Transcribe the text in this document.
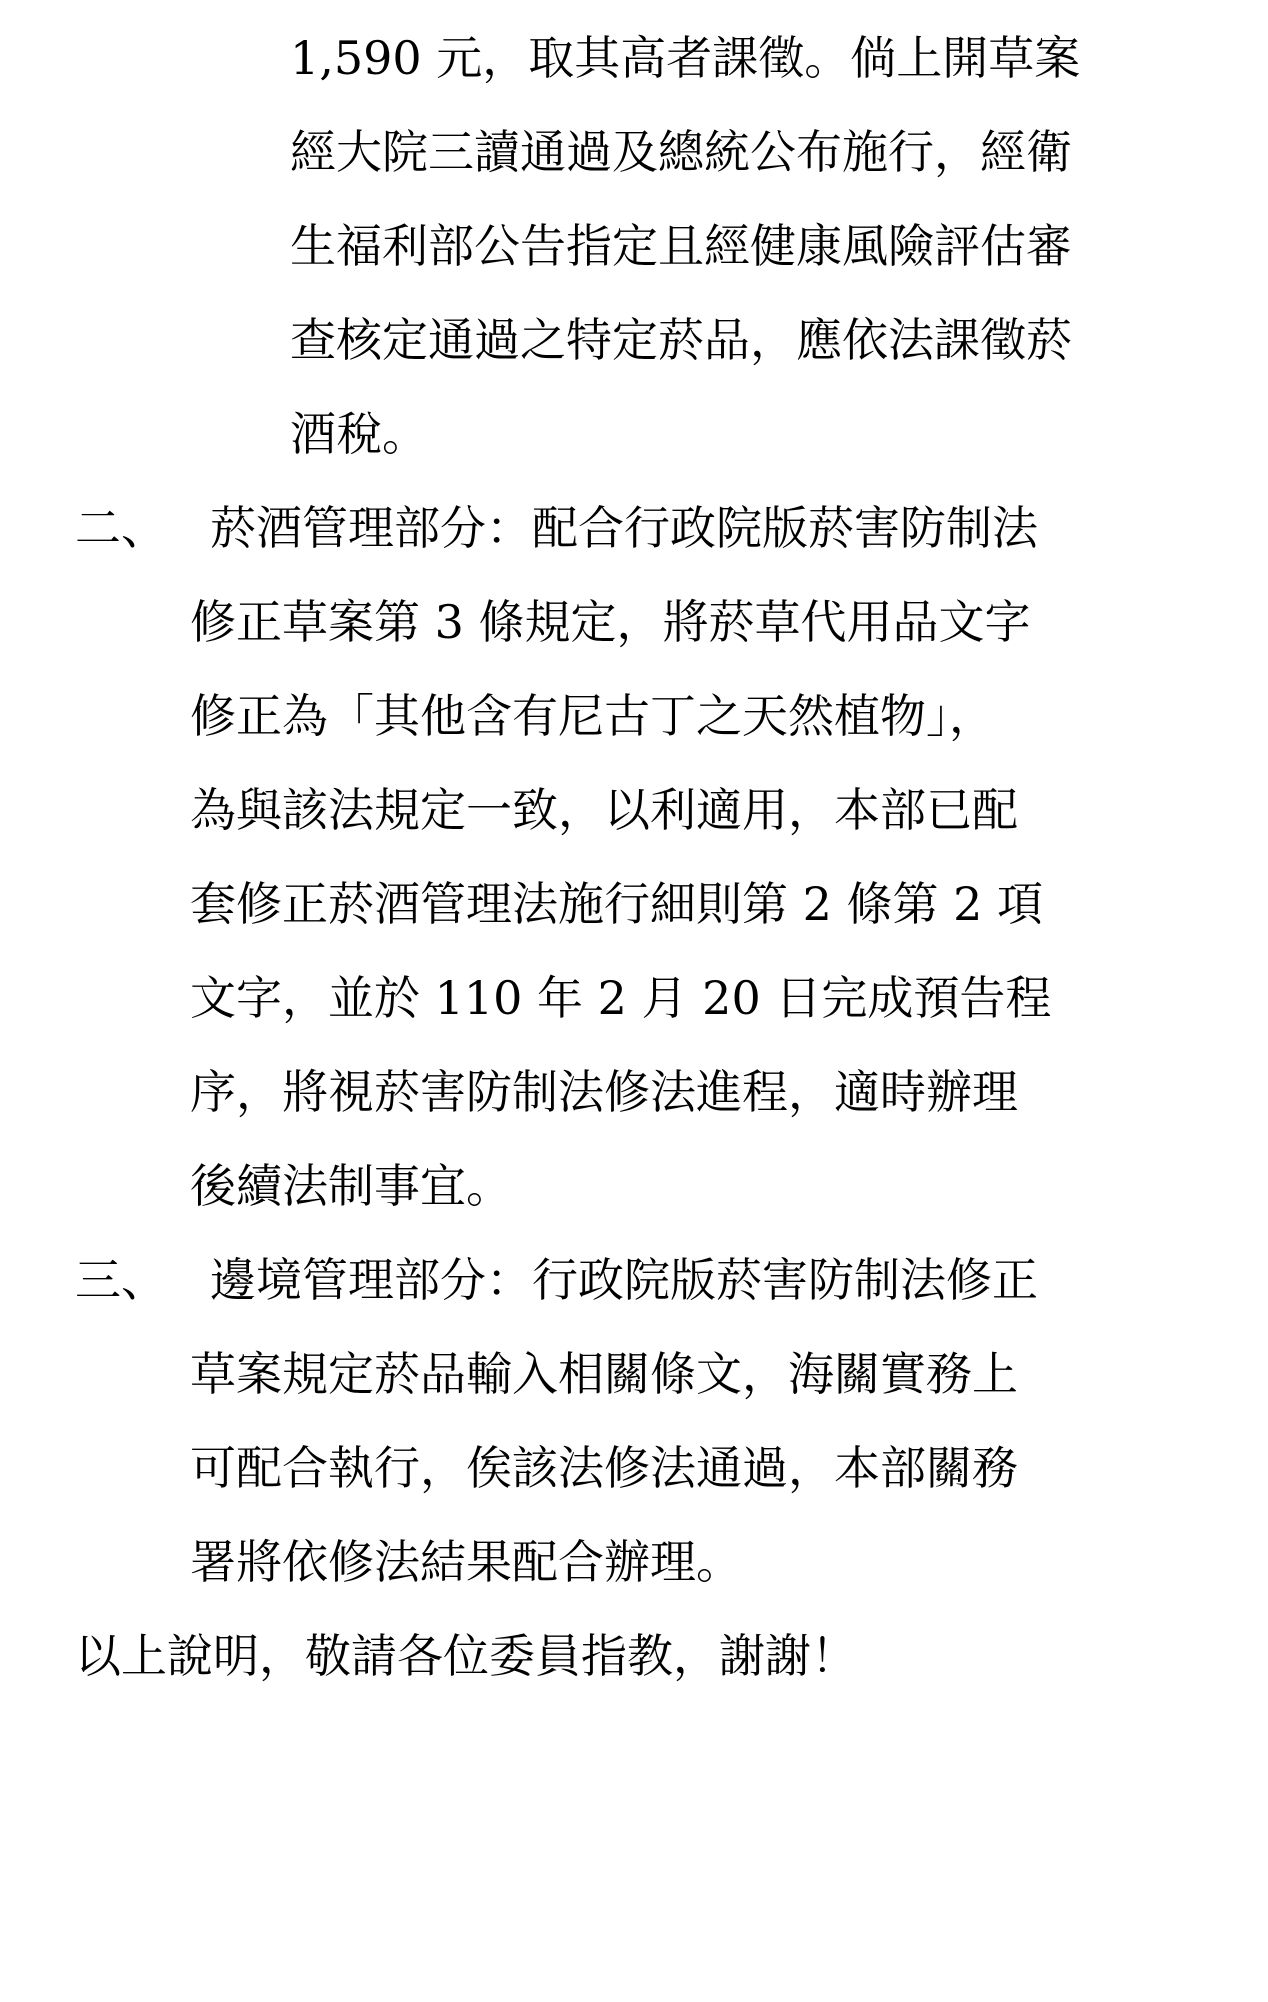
1,590 元，取其高者課徵。倘上開草案
經大院三讀通過及總統公布施行，經衛
生福利部公告指定且經健康風險評估審
查核定通過之特定菸品，應依法課徵菸
酒稅。
二、 菸酒管理部分：配合行政院版菸害防制法
修正草案第 3 條規定，將菸草代用品文字
修正為「其他含有尼古丁之天然植物」，
為與該法規定一致，以利適用，本部已配
套修正菸酒管理法施行細則第 2 條第 2 項
文字，並於 110 年 2 月 20 日完成預告程
序，將視菸害防制法修法進程，適時辦理
後續法制事宜。
三、 邊境管理部分：行政院版菸害防制法修正
草案規定菸品輸入相關條文，海關實務上
可配合執行，俟該法修法通過，本部關務
署將依修法結果配合辦理。
以上說明，敬請各位委員指教，謝謝！
